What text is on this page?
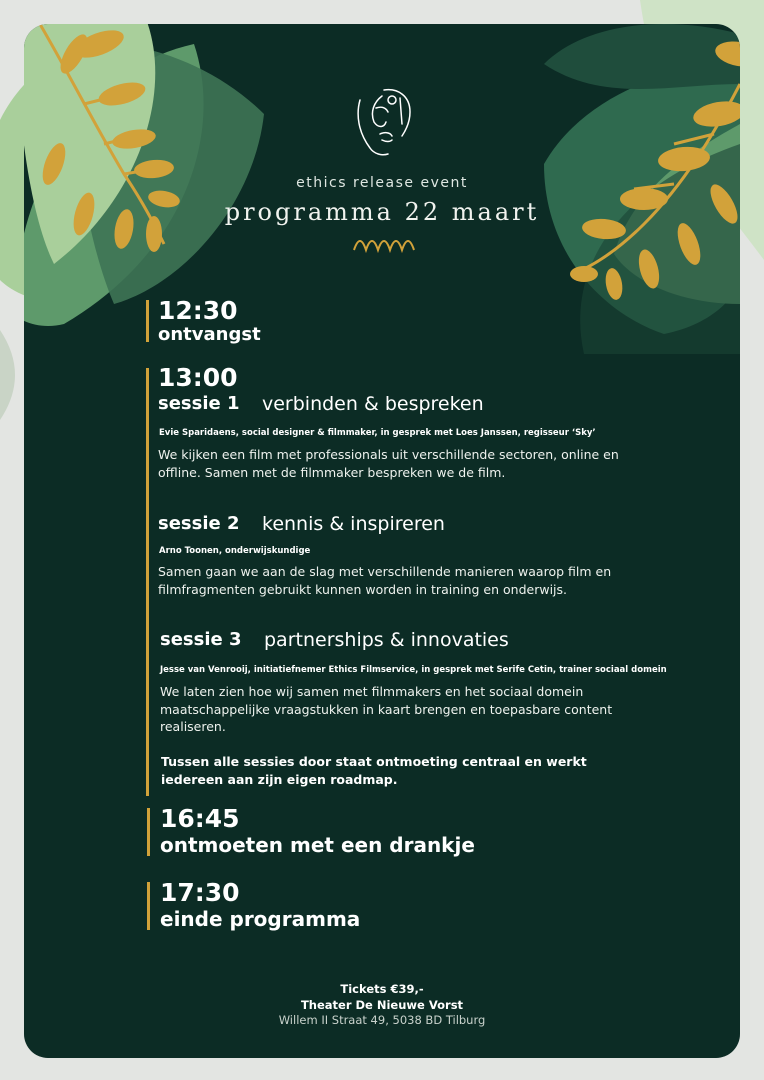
ethics release event
programma 22 maart
12:30
ontvangst
13:00
sessie 1 verbinden & bespreken
Evie Sparidaens, social designer & filmmaker, in gesprek met Loes Janssen, regisseur ‘Sky’
We kijken een film met professionals uit verschillende sectoren, online en offline. Samen met de filmmaker bespreken we de film.
sessie 2 kennis & inspireren
Arno Toonen, onderwijskundige
Samen gaan we aan de slag met verschillende manieren waarop film en filmfragmenten gebruikt kunnen worden in training en onderwijs.
sessie 3 partnerships & innovaties
Jesse van Venrooij, initiatiefnemer Ethics Filmservice, in gesprek met Serife Cetin, trainer sociaal domein
We laten zien hoe wij samen met filmmakers en het sociaal domein maatschappelijke vraagstukken in kaart brengen en toepasbare content realiseren.
Tussen alle sessies door staat ontmoeting centraal en werkt iedereen aan zijn eigen roadmap.
16:45
ontmoeten met een drankje
17:30
einde programma
Tickets €39,-
Theater De Nieuwe Vorst
Willem II Straat 49, 5038 BD Tilburg
